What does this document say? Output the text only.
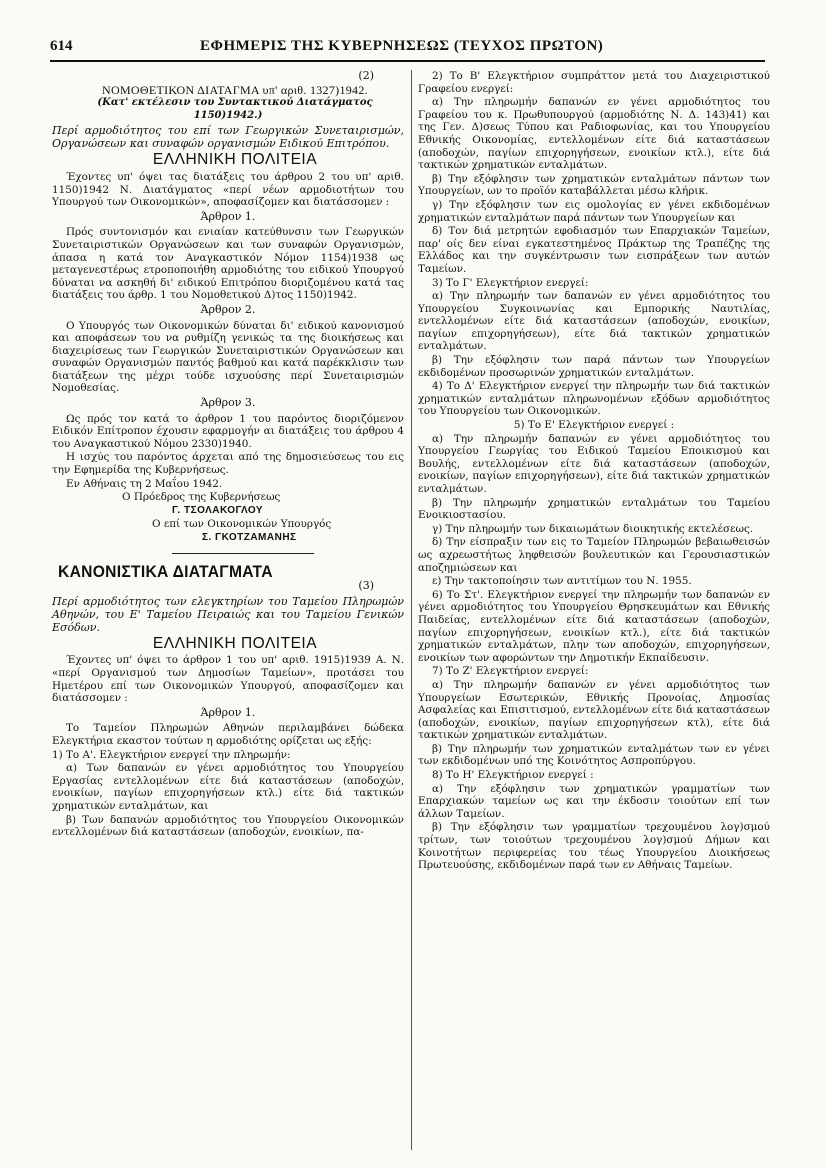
614	ΕΦΗΜΕΡΙΣ ΤΗΣ ΚΥΒΕΡΝΗΣΕΩΣ (ΤΕΥΧΟΣ ΠΡΩΤΟΝ)

(2)

ΝΟΜΟΘΕΤΙΚΟΝ ΔΙΑΤΑΓΜΑ υπ' αριθ. 1327)1942.

(Κατ' εκτέλεσιν του Συντακτικού Διατάγματος 1150)1942.)

Περί αρμοδιότητος του επί των Γεωργικών Συνεταιρισμών, Οργανώσεων και συναφών οργανισμών Ειδικού Επιτρόπου.

ΕΛΛΗΝΙΚΗ ΠΟΛΙΤΕΙΑ

Έχοντες υπ' όψει τας διατάξεις του άρθρου 2 του υπ' αριθ. 1150)1942 Ν. Διατάγματος «περί νέων αρμοδιοτήτων του Υπουργού των Οικονομικών», αποφασίζομεν και διατάσσομεν :

Άρθρον 1.

Πρός συντονισμόν και ενιαίαν κατεύθυνσιν των Γεωργικών Συνεταιριστικών Οργανώσεων και των συναφών Οργανισμών, άπασα η κατά τον Αναγκαστικόν Νόμον 1154)1938 ως μεταγενεστέρως ετροποποιήθη αρμοδιότης του ειδικού Υπουργού δύναται να ασκηθή δι' ειδικού Επιτρόπου διοριζομένου κατά τας διατάξεις του άρθρ. 1 του Νομοθετικού Δ)τος 1150)1942.

Άρθρον 2.

Ο Υπουργός των Οικονομικών δύναται δι' ειδικού κανονισμού και αποφάσεων του να ρυθμίζη γενικώς τα της διοικήσεως και διαχειρίσεως των Γεωργικών Συνεταιριστικών Οργανώσεων και συναφών Οργανισμών παντός βαθμού και κατά παρέκκλισιν των διατάξεων της μέχρι τούδε ισχυούσης περί Συνεταιρισμών Νομοθεσίας.

Άρθρον 3.

Ως πρός τον κατά το άρθρον 1 του παρόντος διοριζόμενον Ειδικόν Επίτροπον έχουσιν εφαρμογήν αι διατάξεις του άρθρου 4 του Αναγκαστικού Νόμου 2330)1940.

Η ισχύς του παρόντος άρχεται από της δημοσιεύσεως του εις την Εφημερίδα της Κυβερνήσεως.

Εν Αθήναις τη 2 Μαΐου 1942.

Ο Πρόεδρος της Κυβερνήσεως

Γ. ΤΣΟΛΑΚΟΓΛΟΥ

Ο επί των Οικονομικών Υπουργός

Σ. ΓΚΟΤΖΑΜΑΝΗΣ

ΚΑΝΟΝΙΣΤΙΚΑ ΔΙΑΤΑΓΜΑΤΑ

(3)

Περί αρμοδιότητος των ελεγκτηρίων του Ταμείου Πληρωμών Αθηνών, του Ε' Ταμείου Πειραιώς και του Ταμείου Γενικών Εσόδων.

ΕΛΛΗΝΙΚΗ ΠΟΛΙΤΕΙΑ

Έχοντες υπ' όψει το άρθρον 1 του υπ' αριθ. 1915)1939 Α. Ν. «περί Οργανισμού των Δημοσίων Ταμείων», προτάσει του Ημετέρου επί των Οικονομικών Υπουργού, αποφασίζομεν και διατάσσομεν :

Άρθρον 1.

Το Ταμείον Πληρωμών Αθηνών περιλαμβάνει δώδεκα Ελεγκτήρια εκαστον τούτων η αρμοδιότης ορίζεται ως εξής:

1) Το Α'. Ελεγκτήριον ενεργεί την πληρωμήν:

α) Των δαπανών εν γένει αρμοδιότητος του Υπουργείου Εργασίας εντελλομένων είτε διά καταστάσεων (αποδοχών, ενοικίων, παγίων επιχορηγήσεων κτλ.) είτε διά τακτικών χρηματικών ενταλμάτων, και

β) Των δαπανών αρμοδιότητος του Υπουργείου Οικονομικών εντελλομένων διά καταστάσεων (αποδοχών, ενοικίων, πα-

2) Το Β' Ελεγκτήριον συμπράττον μετά του Διαχειριστικού Γραφείου ενεργεί:

α) Την πληρωμήν δαπανών εν γένει αρμοδιότητος του Γραφείου του κ. Πρωθυπουργού (αρμοδιότης Ν. Δ. 143)41) και της Γεν. Δ)σεως Τύπου και Ραδιοφωνίας, και του Υπουργείου Εθνικής Οικονομίας, εντελλομένων είτε διά καταστάσεων (αποδοχών, παγίων επιχορηγήσεων, ενοικίων κτλ.), είτε διά τακτικών χρηματικών ενταλμάτων.

β) Την εξόφλησιν των χρηματικών ενταλμάτων πάντων των Υπουργείων, ων το προϊόν καταβάλλεται μέσω κλήρικ.

γ) Την εξόφλησιν των εις ομολογίας εν γένει εκδιδομένων χρηματικών ενταλμάτων παρά πάντων των Υπουργείων και

δ) Τον διά μετρητών εφοδιασμόν των Επαρχιακών Ταμείων, παρ' οίς δεν είναι εγκατεστημένος Πράκτωρ της Τραπέζης της Ελλάδος και την συγκέντρωσιν των εισπράξεων των αυτών Ταμείων.

3) Το Γ' Ελεγκτήριον ενεργεί:

α) Την πληρωμήν των δαπανών εν γένει αρμοδιότητος του Υπουργείου Συγκοινωνίας και Εμπορικής Ναυτιλίας, εντελλομένων είτε διά καταστάσεων (αποδοχών, ενοικίων, παγίων επιχορηγήσεων), είτε διά τακτικών χρηματικών ενταλμάτων.

β) Την εξόφλησιν των παρά πάντων των Υπουργείων εκδιδομένων προσωρινών χρηματικών ενταλμάτων.

4) Το Δ' Ελεγκτήριον ενεργεί την πληρωμήν των διά τακτικών χρηματικών ενταλμάτων πληρωνομένων εξόδων αρμοδιότητος του Υπουργείου των Οικονομικών.

5) Το Ε' Ελεγκτήριον ενεργεί :

α) Την πληρωμήν δαπανών εν γένει αρμοδιότητος του Υπουργείου Γεωργίας του Ειδικού Ταμείου Εποικισμού και Βουλής, εντελλομένων είτε διά καταστάσεων (αποδοχών, ενοικίων, παγίων επιχορηγήσεων), είτε διά τακτικών χρηματικών ενταλμάτων.

β) Την πληρωμήν χρηματικών ενταλμάτων του Ταμείου Ενοικιοστασίου.

γ) Την πληρωμήν των δικαιωμάτων διοικητικής εκτελέσεως.

δ) Την είσπραξιν των εις το Ταμείον Πληρωμών βεβαιωθεισών ως αχρεωστήτως ληφθεισών βουλευτικών και Γερουσιαστικών αποζημιώσεων και

ε) Την τακτοποίησιν των αντιτίμων του Ν. 1955.

6) Το Στ'. Ελεγκτήριον ενεργεί την πληρωμήν των δαπανών εν γένει αρμοδιότητος του Υπουργείου Θρησκευμάτων και Εθνικής Παιδείας, εντελλομένων είτε διά καταστάσεων (αποδοχών, παγίων επιχορηγήσεων, ενοικίων κτλ.), είτε διά τακτικών χρηματικών ενταλμάτων, πλην των αποδοχών, επιχορηγήσεων, ενοικίων των αφορώντων την Δημοτικήν Εκπαίδευσιν.

7) Το Ζ' Ελεγκτήριον ενεργεί:

α) Την πληρωμήν δαπανών εν γένει αρμοδιότητος των Υπουργείων Εσωτερικών, Εθνικής Προνοίας, Δημοσίας Ασφαλείας και Επισιτισμού, εντελλομένων είτε διά καταστάσεων (αποδοχών, ενοικίων, παγίων επιχορηγήσεων κτλ), είτε διά τακτικών χρηματικών ενταλμάτων.

β) Την πληρωμήν των χρηματικών ενταλμάτων των εν γένει των εκδιδομένων υπό της Κοινότητος Ασπροπύργου.

8) Το Η' Ελεγκτήριον ενεργεί :

α) Την εξόφλησιν των χρηματικών γραμματίων των Επαρχιακών ταμείων ως και την έκδοσιν τοιούτων επί των άλλων Ταμείων.

β) Την εξόφλησιν των γραμματίων τρεχουμένου λογ)σμού τρίτων, των τοιούτων τρεχουμένου λογ)σμού Δήμων και Κοινοτήτων περιφερείας του τέως Υπουργείου Διοικήσεως Πρωτευούσης, εκδιδομένων παρά των εν Αθήναις Ταμείων.
